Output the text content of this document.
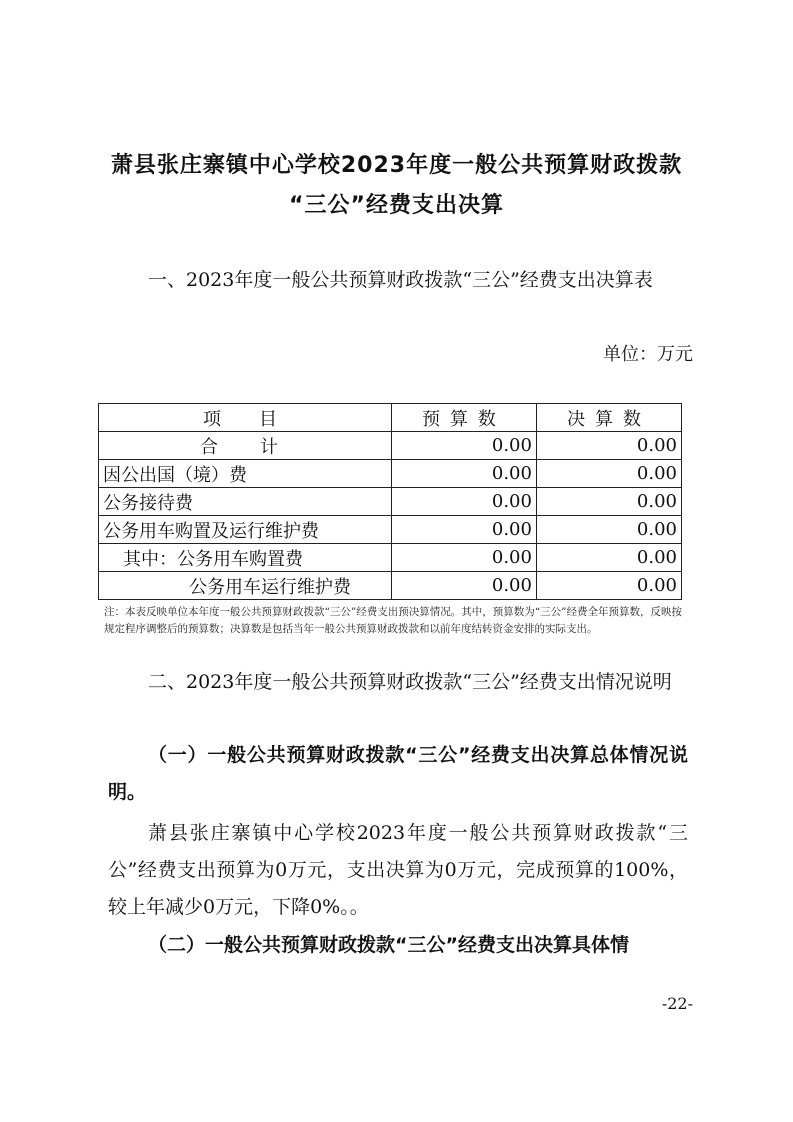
萧县张庄寨镇中心学校2023年度一般公共预算财政拨款
“三公”经费支出决算
一、2023年度一般公共预算财政拨款“三公”经费支出决算表
单位：万元
项　目	预算数	决算数
合　计	0.00	0.00
因公出国（境）费	0.00	0.00
公务接待费	0.00	0.00
公务用车购置及运行维护费	0.00	0.00
其中：公务用车购置费	0.00	0.00
公务用车运行维护费	0.00	0.00
注：本表反映单位本年度一般公共预算财政拨款“三公”经费支出预决算情况。其中，预算数为“三公”经费全年预算数，反映按规定程序调整后的预算数；决算数是包括当年一般公共预算财政拨款和以前年度结转资金安排的实际支出。
二、2023年度一般公共预算财政拨款“三公”经费支出情况说明
（一）一般公共预算财政拨款“三公”经费支出决算总体情况说明。
萧县张庄寨镇中心学校2023年度一般公共预算财政拨款“三公”经费支出预算为0万元，支出决算为0万元，完成预算的100%，较上年减少0万元，下降0%。。
（二）一般公共预算财政拨款“三公”经费支出决算具体情
-22-
